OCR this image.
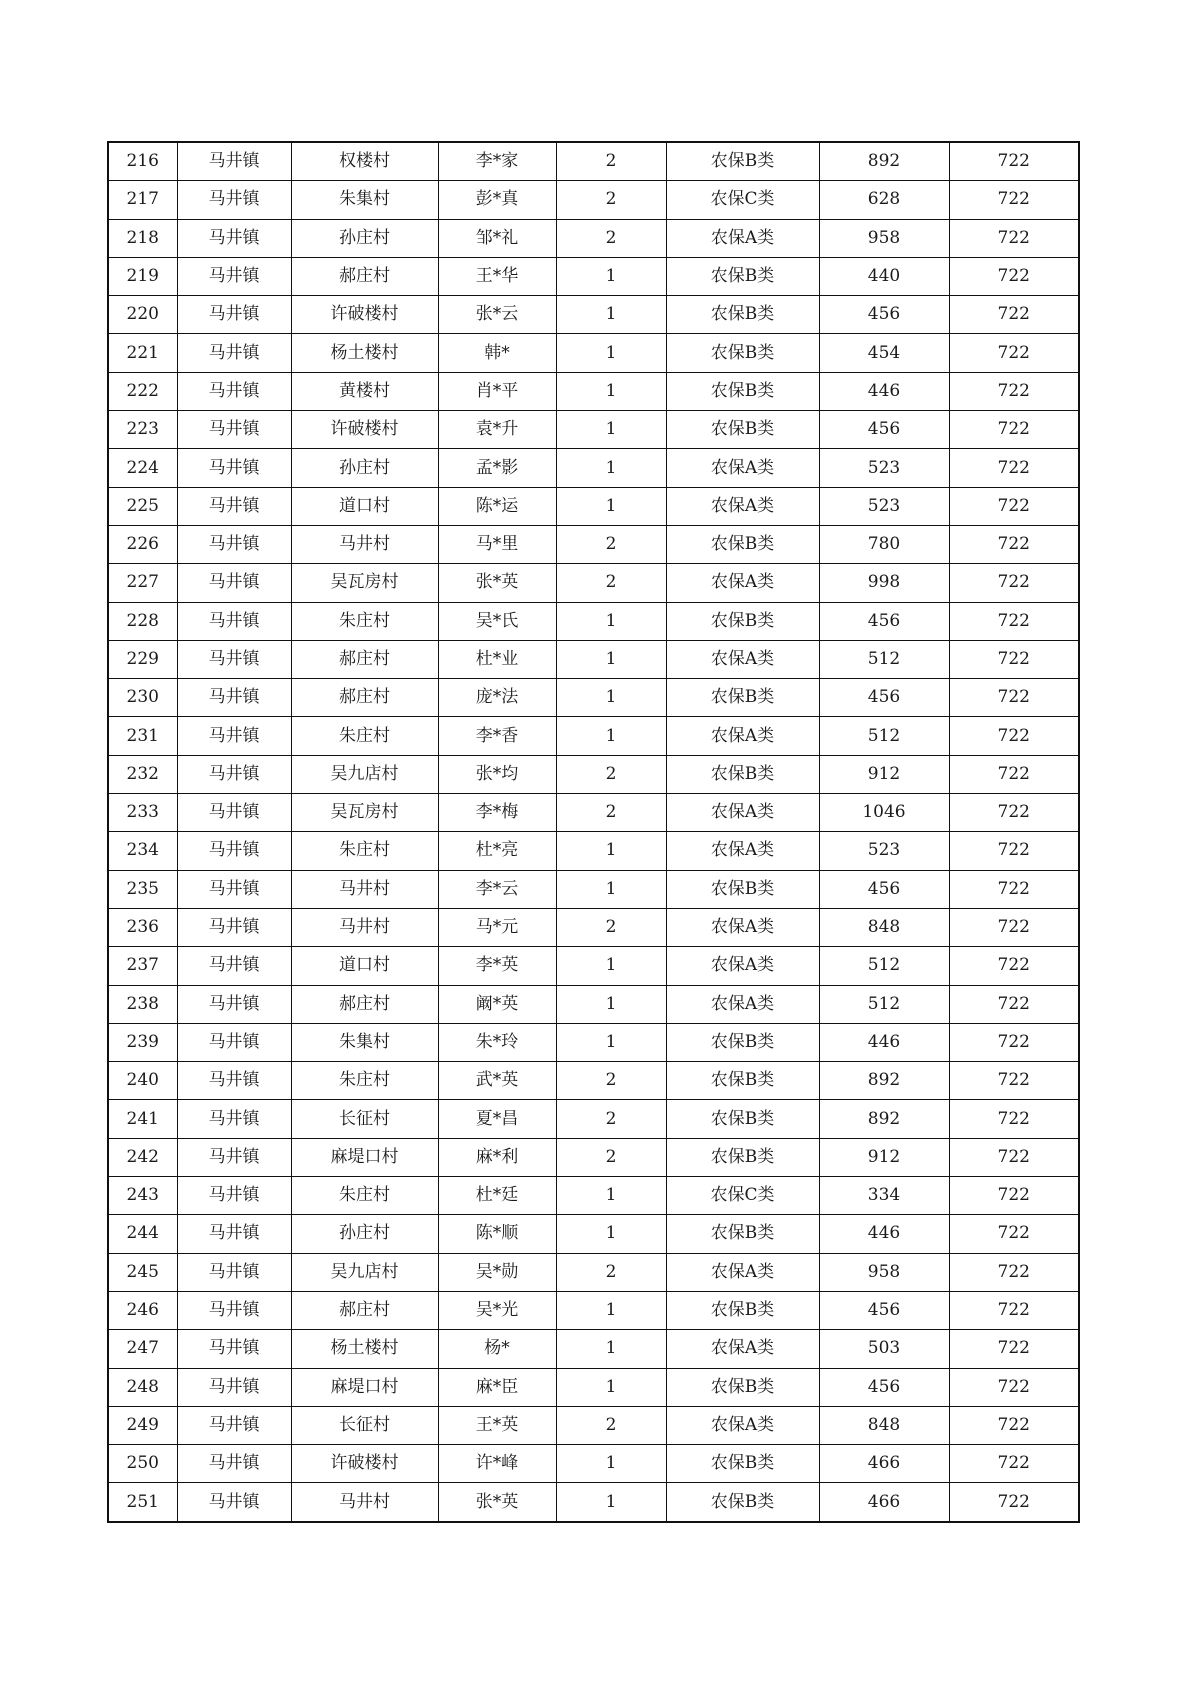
216	马井镇	权楼村	李*家	2	农保B类	892	722
217	马井镇	朱集村	彭*真	2	农保C类	628	722
218	马井镇	孙庄村	邹*礼	2	农保A类	958	722
219	马井镇	郝庄村	王*华	1	农保B类	440	722
220	马井镇	许破楼村	张*云	1	农保B类	456	722
221	马井镇	杨土楼村	韩*	1	农保B类	454	722
222	马井镇	黄楼村	肖*平	1	农保B类	446	722
223	马井镇	许破楼村	袁*升	1	农保B类	456	722
224	马井镇	孙庄村	孟*影	1	农保A类	523	722
225	马井镇	道口村	陈*运	1	农保A类	523	722
226	马井镇	马井村	马*里	2	农保B类	780	722
227	马井镇	吴瓦房村	张*英	2	农保A类	998	722
228	马井镇	朱庄村	吴*氏	1	农保B类	456	722
229	马井镇	郝庄村	杜*业	1	农保A类	512	722
230	马井镇	郝庄村	庞*法	1	农保B类	456	722
231	马井镇	朱庄村	李*香	1	农保A类	512	722
232	马井镇	吴九店村	张*均	2	农保B类	912	722
233	马井镇	吴瓦房村	李*梅	2	农保A类	1046	722
234	马井镇	朱庄村	杜*亮	1	农保A类	523	722
235	马井镇	马井村	李*云	1	农保B类	456	722
236	马井镇	马井村	马*元	2	农保A类	848	722
237	马井镇	道口村	李*英	1	农保A类	512	722
238	马井镇	郝庄村	阚*英	1	农保A类	512	722
239	马井镇	朱集村	朱*玲	1	农保B类	446	722
240	马井镇	朱庄村	武*英	2	农保B类	892	722
241	马井镇	长征村	夏*昌	2	农保B类	892	722
242	马井镇	麻堤口村	麻*利	2	农保B类	912	722
243	马井镇	朱庄村	杜*廷	1	农保C类	334	722
244	马井镇	孙庄村	陈*顺	1	农保B类	446	722
245	马井镇	吴九店村	吴*勋	2	农保A类	958	722
246	马井镇	郝庄村	吴*光	1	农保B类	456	722
247	马井镇	杨土楼村	杨*	1	农保A类	503	722
248	马井镇	麻堤口村	麻*臣	1	农保B类	456	722
249	马井镇	长征村	王*英	2	农保A类	848	722
250	马井镇	许破楼村	许*峰	1	农保B类	466	722
251	马井镇	马井村	张*英	1	农保B类	466	722
